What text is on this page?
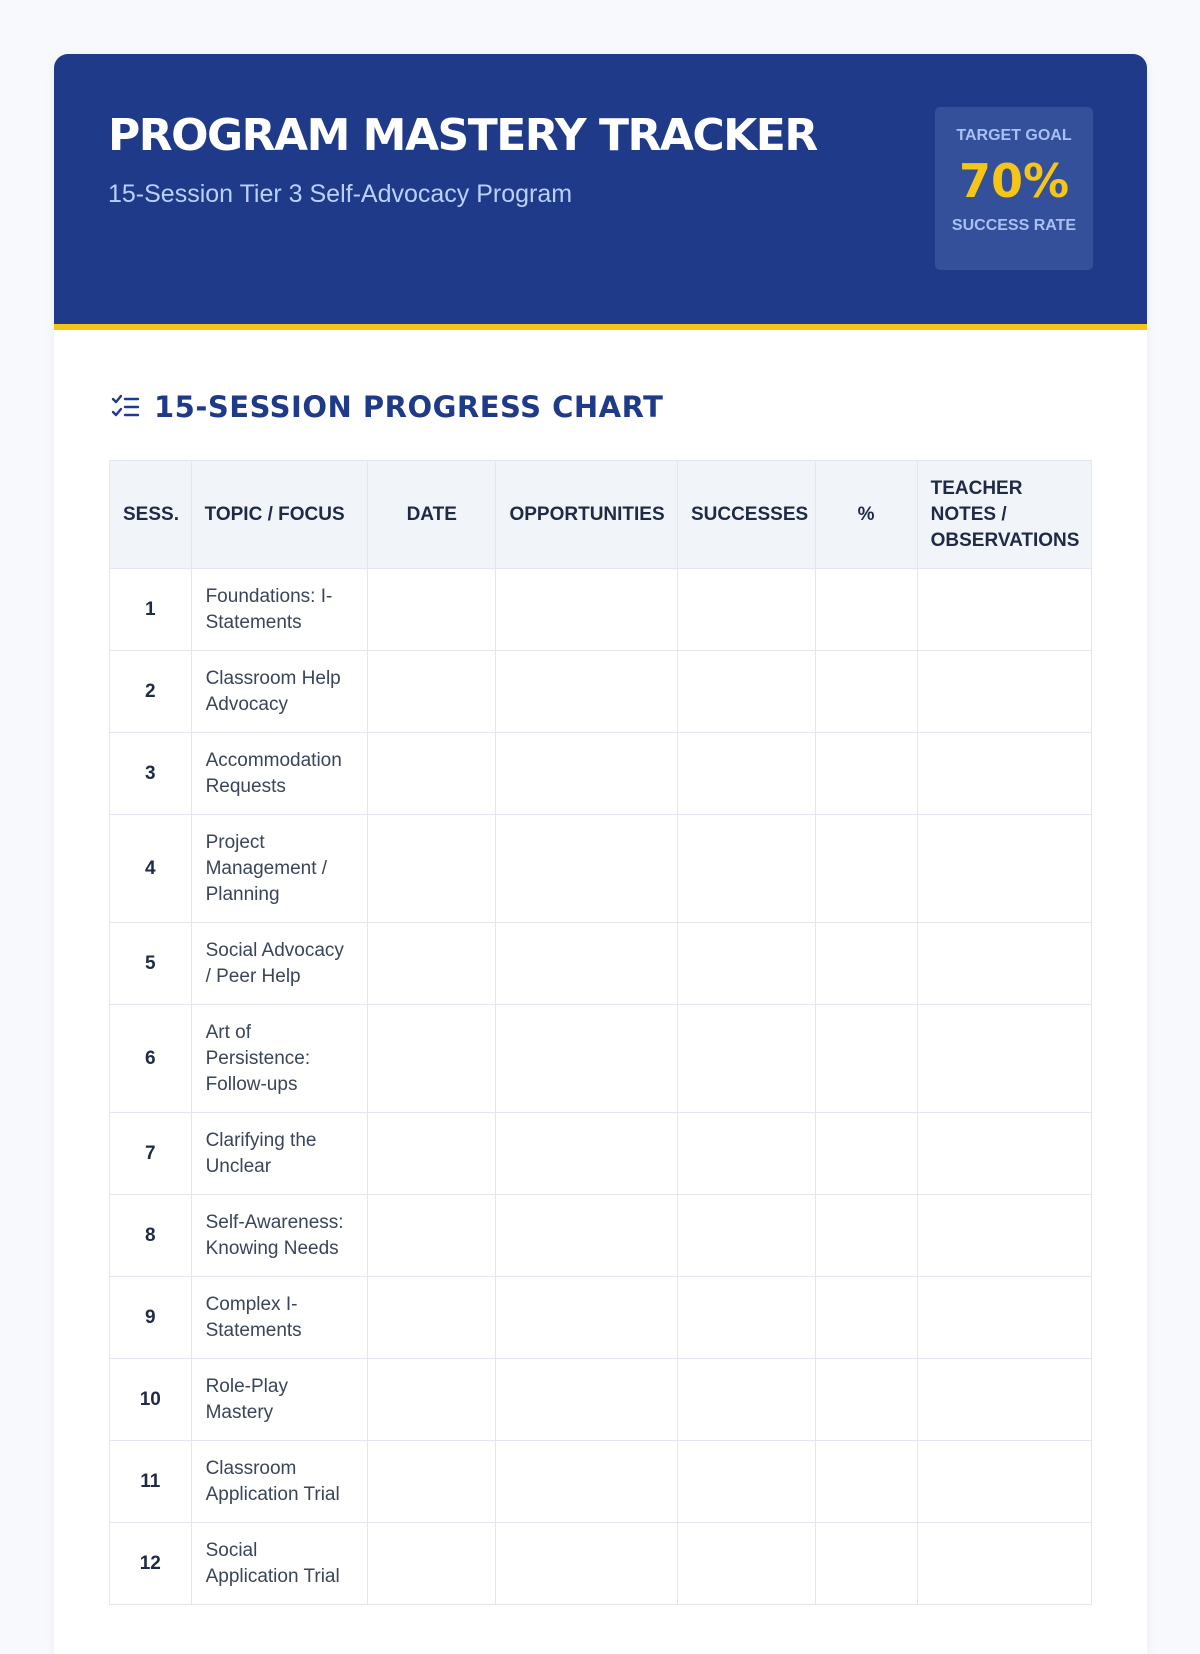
PROGRAM MASTERY TRACKER
15-Session Tier 3 Self-Advocacy Program
TARGET GOAL
70%
SUCCESS RATE
15-SESSION PROGRESS CHART
SESS.	TOPIC / FOCUS	DATE	OPPORTUNITIES	SUCCESSES	%	TEACHER NOTES / OBSERVATIONS
1	Foundations: I-Statements					
2	Classroom Help Advocacy					
3	Accommodation Requests					
4	Project Management / Planning					
5	Social Advocacy / Peer Help					
6	Art of Persistence: Follow-ups					
7	Clarifying the Unclear					
8	Self-Awareness: Knowing Needs					
9	Complex I-Statements					
10	Role-Play Mastery					
11	Classroom Application Trial					
12	Social Application Trial					
